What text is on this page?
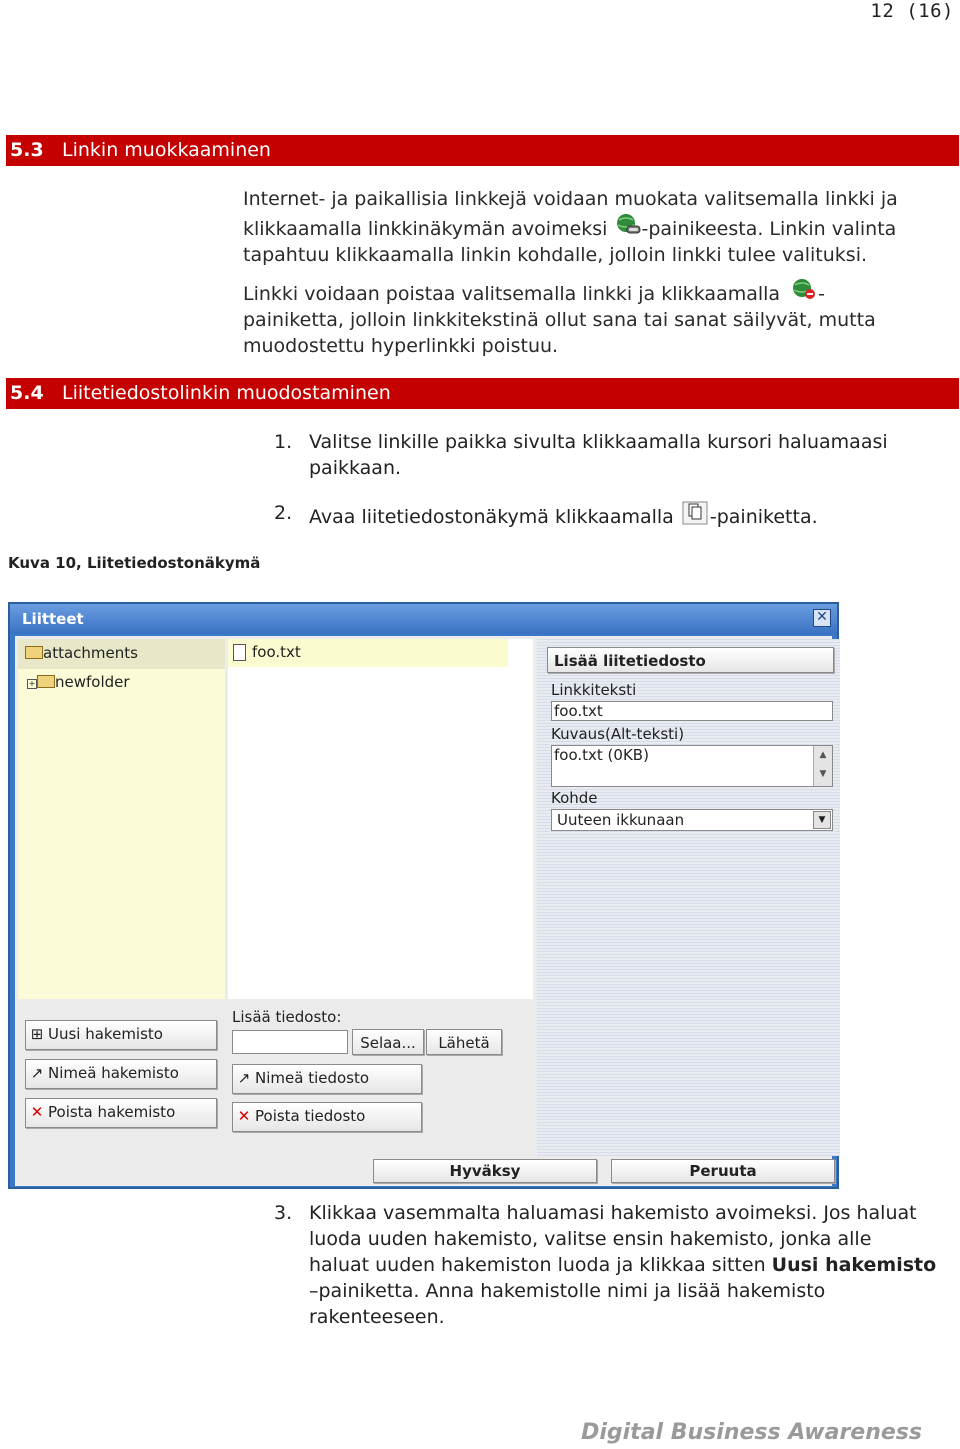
12 (16)
5.3 Linkin muokkaaminen
Internet- ja paikallisia linkkejä voidaan muokata valitsemalla linkki ja
klikkaamalla linkkinäkymän avoimeksi -painikeesta. Linkin valinta
tapahtuu klikkaamalla linkin kohdalle, jolloin linkki tulee valituksi.
Linkki voidaan poistaa valitsemalla linkki ja klikkaamalla -
painiketta, jolloin linkkitekstinä ollut sana tai sanat säilyvät, mutta
muodostettu hyperlinkki poistuu.
5.4 Liitetiedostolinkin muodostaminen
1. Valitse linkille paikka sivulta klikkaamalla kursori haluamaasi
paikkaan.
2. Avaa liitetiedostonäkymä klikkaamalla -painiketta.
Kuva 10, Liitetiedostonäkymä
Liitteet	✕
attachments
+ newfolder
foo.txt	Lisää liitetiedosto
Linkkiteksti
foo.txt
Kuvaus(Alt-teksti)
foo.txt (0KB)	▲
▼
Kohde
Uuteen ikkunaan	▼
⊞ Uusi hakemisto
↗ Nimeä hakemisto
✕ Poista hakemisto
Lisää tiedosto:
Selaa...	Lähetä
↗ Nimeä tiedosto
✕ Poista tiedosto
Hyväksy	Peruuta
3. Klikkaa vasemmalta haluamasi hakemisto avoimeksi. Jos haluat
luoda uuden hakemisto, valitse ensin hakemisto, jonka alle
haluat uuden hakemiston luoda ja klikkaa sitten Uusi hakemisto
–painiketta. Anna hakemistolle nimi ja lisää hakemisto
rakenteeseen.
Digital Business Awareness
